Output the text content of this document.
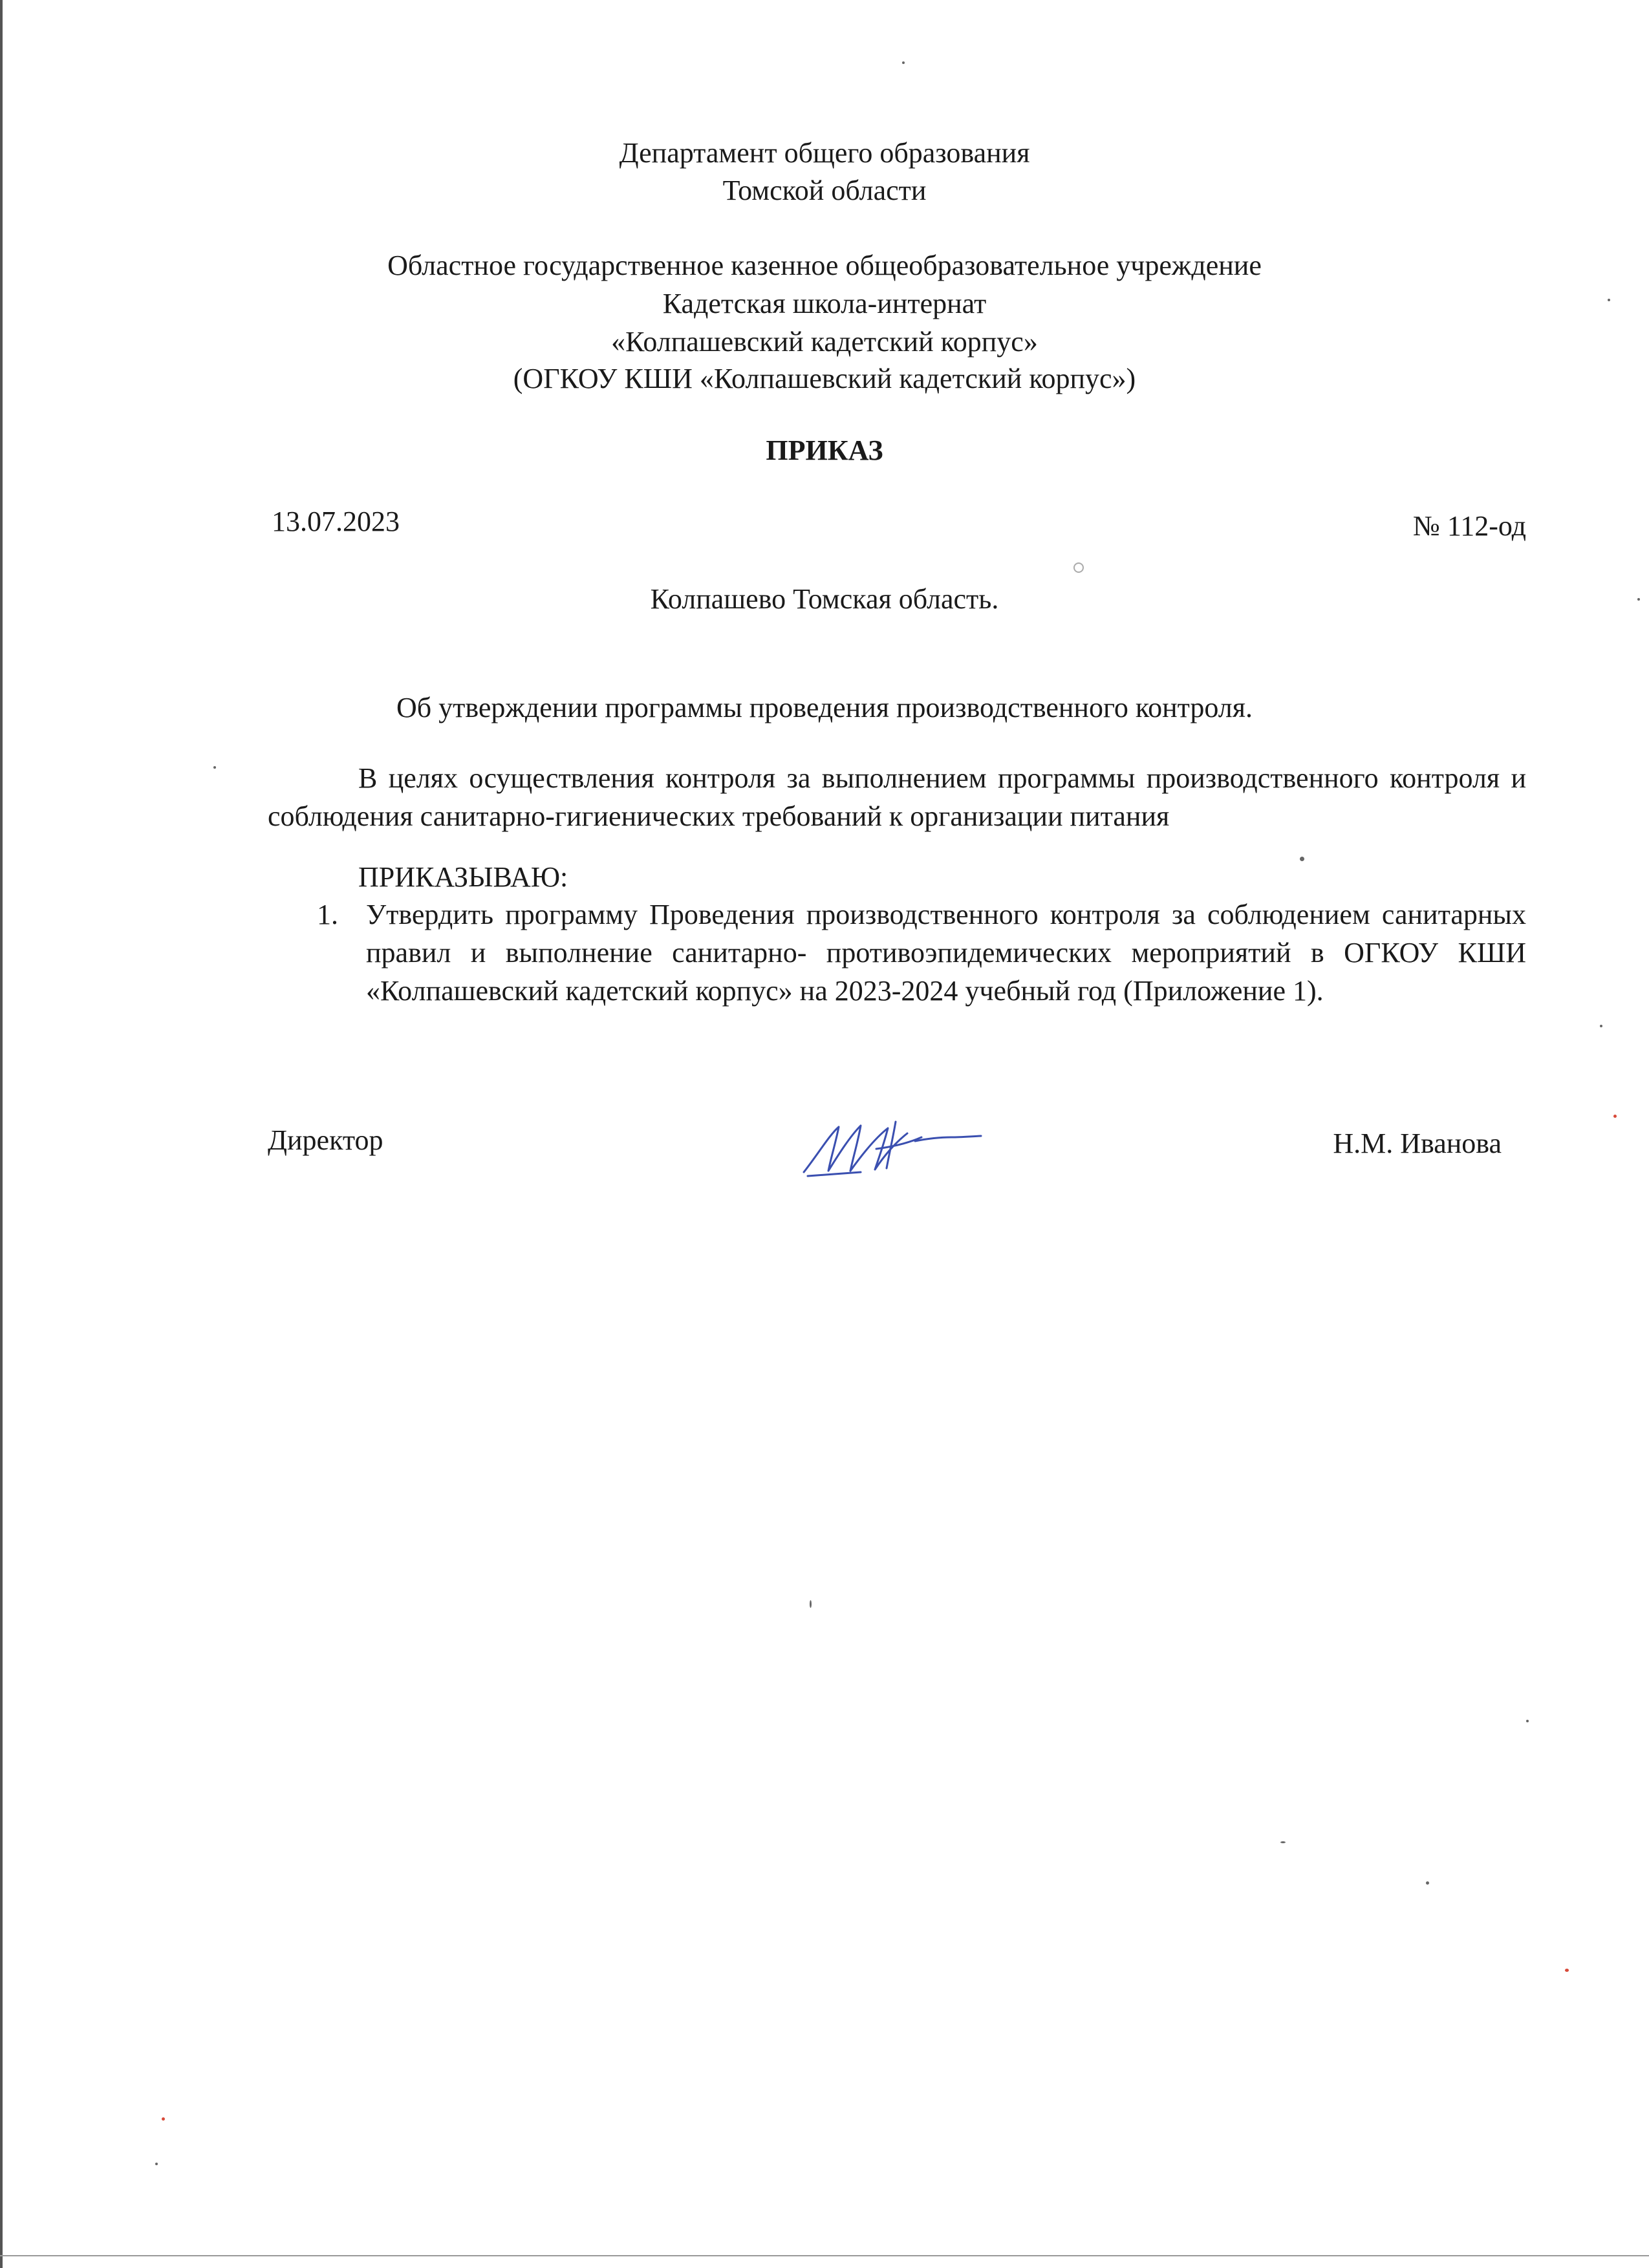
Департамент общего образования
Томской области
Областное государственное казенное общеобразовательное учреждение
Кадетская школа-интернат
«Колпашевский кадетский корпус»
(ОГКОУ КШИ «Колпашевский кадетский корпус»)
ПРИКАЗ
13.07.2023	№ 112-од
Колпашево Томская область.
Об утверждении программы проведения производственного контроля.
В целях осуществления контроля за выполнением программы производственного контроля и соблюдения санитарно-гигиенических требований к организации питания
ПРИКАЗЫВАЮ:
1. Утвердить программу Проведения производственного контроля за соблюдением санитарных правил и выполнение санитарно- противоэпидемических мероприятий в ОГКОУ КШИ «Колпашевский кадетский корпус» на 2023-2024 учебный год (Приложение 1).
Директор	Н.М. Иванова
